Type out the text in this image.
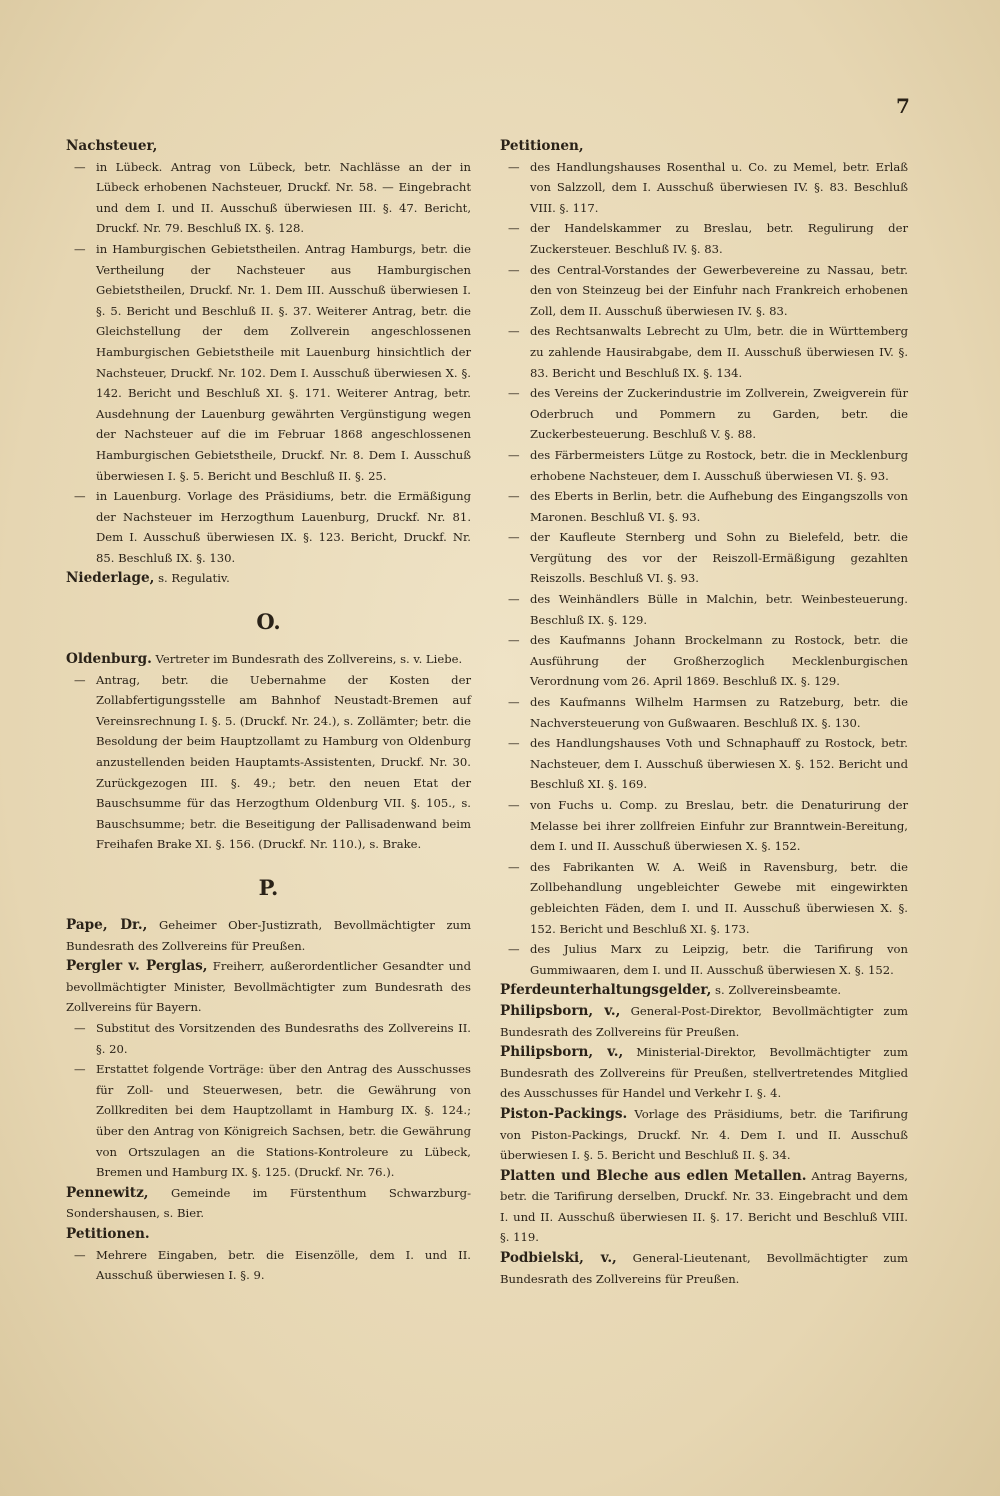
7

Nachsteuer,

— in Lübeck. Antrag von Lübeck, betr. Nachlässe an der in Lübeck erhobenen Nachsteuer, Druckf. Nr. 58. — Eingebracht und dem I. und II. Ausschuß überwiesen III. §. 47. Bericht, Druckf. Nr. 79. Beschluß IX. §. 128.

— in Hamburgischen Gebietstheilen. Antrag Hamburgs, betr. die Vertheilung der Nachsteuer aus Hamburgischen Gebietstheilen, Druckf. Nr. 1. Dem III. Ausschuß überwiesen I. §. 5. Bericht und Beschluß II. §. 37. Weiterer Antrag, betr. die Gleichstellung der dem Zollverein angeschlossenen Hamburgischen Gebietstheile mit Lauenburg hinsichtlich der Nachsteuer, Druckf. Nr. 102. Dem I. Ausschuß überwiesen X. §. 142. Bericht und Beschluß XI. §. 171. Weiterer Antrag, betr. Ausdehnung der Lauenburg gewährten Vergünstigung wegen der Nachsteuer auf die im Februar 1868 angeschlossenen Hamburgischen Gebietstheile, Druckf. Nr. 8. Dem I. Ausschuß überwiesen I. §. 5. Bericht und Beschluß II. §. 25.

— in Lauenburg. Vorlage des Präsidiums, betr. die Ermäßigung der Nachsteuer im Herzogthum Lauenburg, Druckf. Nr. 81. Dem I. Ausschuß überwiesen IX. §. 123. Bericht, Druckf. Nr. 85. Beschluß IX. §. 130.

Niederlage, s. Regulativ.

O.

Oldenburg. Vertreter im Bundesrath des Zollvereins, s. v. Liebe.

— Antrag, betr. die Uebernahme der Kosten der Zollabfertigungsstelle am Bahnhof Neustadt-Bremen auf Vereinsrechnung I. §. 5. (Druckf. Nr. 24.), s. Zollämter; betr. die Besoldung der beim Hauptzollamt zu Hamburg von Oldenburg anzustellenden beiden Hauptamts-Assistenten, Druckf. Nr. 30. Zurückgezogen III. §. 49.; betr. den neuen Etat der Bauschsumme für das Herzogthum Oldenburg VII. §. 105., s. Bauschsumme; betr. die Beseitigung der Pallisadenwand beim Freihafen Brake XI. §. 156. (Druckf. Nr. 110.), s. Brake.

P.

Pape, Dr., Geheimer Ober-Justizrath, Bevollmächtigter zum Bundesrath des Zollvereins für Preußen.

Pergler v. Perglas, Freiherr, außerordentlicher Gesandter und bevollmächtigter Minister, Bevollmächtigter zum Bundesrath des Zollvereins für Bayern.

— Substitut des Vorsitzenden des Bundesraths des Zollvereins II. §. 20.

— Erstattet folgende Vorträge: über den Antrag des Ausschusses für Zoll- und Steuerwesen, betr. die Gewährung von Zollkrediten bei dem Hauptzollamt in Hamburg IX. §. 124.; über den Antrag von Königreich Sachsen, betr. die Gewährung von Ortszulagen an die Stations-Kontroleure zu Lübeck, Bremen und Hamburg IX. §. 125. (Druckf. Nr. 76.).

Pennewitz, Gemeinde im Fürstenthum Schwarzburg-Sondershausen, s. Bier.

Petitionen.

— Mehrere Eingaben, betr. die Eisenzölle, dem I. und II. Ausschuß überwiesen I. §. 9.

Petitionen,

— des Handlungshauses Rosenthal u. Co. zu Memel, betr. Erlaß von Salzzoll, dem I. Ausschuß überwiesen IV. §. 83. Beschluß VIII. §. 117.

— der Handelskammer zu Breslau, betr. Regulirung der Zuckersteuer. Beschluß IV. §. 83.

— des Central-Vorstandes der Gewerbevereine zu Nassau, betr. den von Steinzeug bei der Einfuhr nach Frankreich erhobenen Zoll, dem II. Ausschuß überwiesen IV. §. 83.

— des Rechtsanwalts Lebrecht zu Ulm, betr. die in Württemberg zu zahlende Hausirabgabe, dem II. Ausschuß überwiesen IV. §. 83. Bericht und Beschluß IX. §. 134.

— des Vereins der Zuckerindustrie im Zollverein, Zweigverein für Oderbruch und Pommern zu Garden, betr. die Zuckerbesteuerung. Beschluß V. §. 88.

— des Färbermeisters Lütge zu Rostock, betr. die in Mecklenburg erhobene Nachsteuer, dem I. Ausschuß überwiesen VI. §. 93.

— des Eberts in Berlin, betr. die Aufhebung des Eingangszolls von Maronen. Beschluß VI. §. 93.

— der Kaufleute Sternberg und Sohn zu Bielefeld, betr. die Vergütung des vor der Reiszoll-Ermäßigung gezahlten Reiszolls. Beschluß VI. §. 93.

— des Weinhändlers Bülle in Malchin, betr. Weinbesteuerung. Beschluß IX. §. 129.

— des Kaufmanns Johann Brockelmann zu Rostock, betr. die Ausführung der Großherzoglich Mecklenburgischen Verordnung vom 26. April 1869. Beschluß IX. §. 129.

— des Kaufmanns Wilhelm Harmsen zu Ratzeburg, betr. die Nachversteuerung von Gußwaaren. Beschluß IX. §. 130.

— des Handlungshauses Voth und Schnaphauff zu Rostock, betr. Nachsteuer, dem I. Ausschuß überwiesen X. §. 152. Bericht und Beschluß XI. §. 169.

— von Fuchs u. Comp. zu Breslau, betr. die Denaturirung der Melasse bei ihrer zollfreien Einfuhr zur Branntwein-Bereitung, dem I. und II. Ausschuß überwiesen X. §. 152.

— des Fabrikanten W. A. Weiß in Ravensburg, betr. die Zollbehandlung ungebleichter Gewebe mit eingewirkten gebleichten Fäden, dem I. und II. Ausschuß überwiesen X. §. 152. Bericht und Beschluß XI. §. 173.

— des Julius Marx zu Leipzig, betr. die Tarifirung von Gummiwaaren, dem I. und II. Ausschuß überwiesen X. §. 152.

Pferdeunterhaltungsgelder, s. Zollvereinsbeamte.

Philipsborn, v., General-Post-Direktor, Bevollmächtigter zum Bundesrath des Zollvereins für Preußen.

Philipsborn, v., Ministerial-Direktor, Bevollmächtigter zum Bundesrath des Zollvereins für Preußen, stellvertretendes Mitglied des Ausschusses für Handel und Verkehr I. §. 4.

Piston-Packings. Vorlage des Präsidiums, betr. die Tarifirung von Piston-Packings, Druckf. Nr. 4. Dem I. und II. Ausschuß überwiesen I. §. 5. Bericht und Beschluß II. §. 34.

Platten und Bleche aus edlen Metallen. Antrag Bayerns, betr. die Tarifirung derselben, Druckf. Nr. 33. Eingebracht und dem I. und II. Ausschuß überwiesen II. §. 17. Bericht und Beschluß VIII. §. 119.

Podbielski, v., General-Lieutenant, Bevollmächtigter zum Bundesrath des Zollvereins für Preußen.
